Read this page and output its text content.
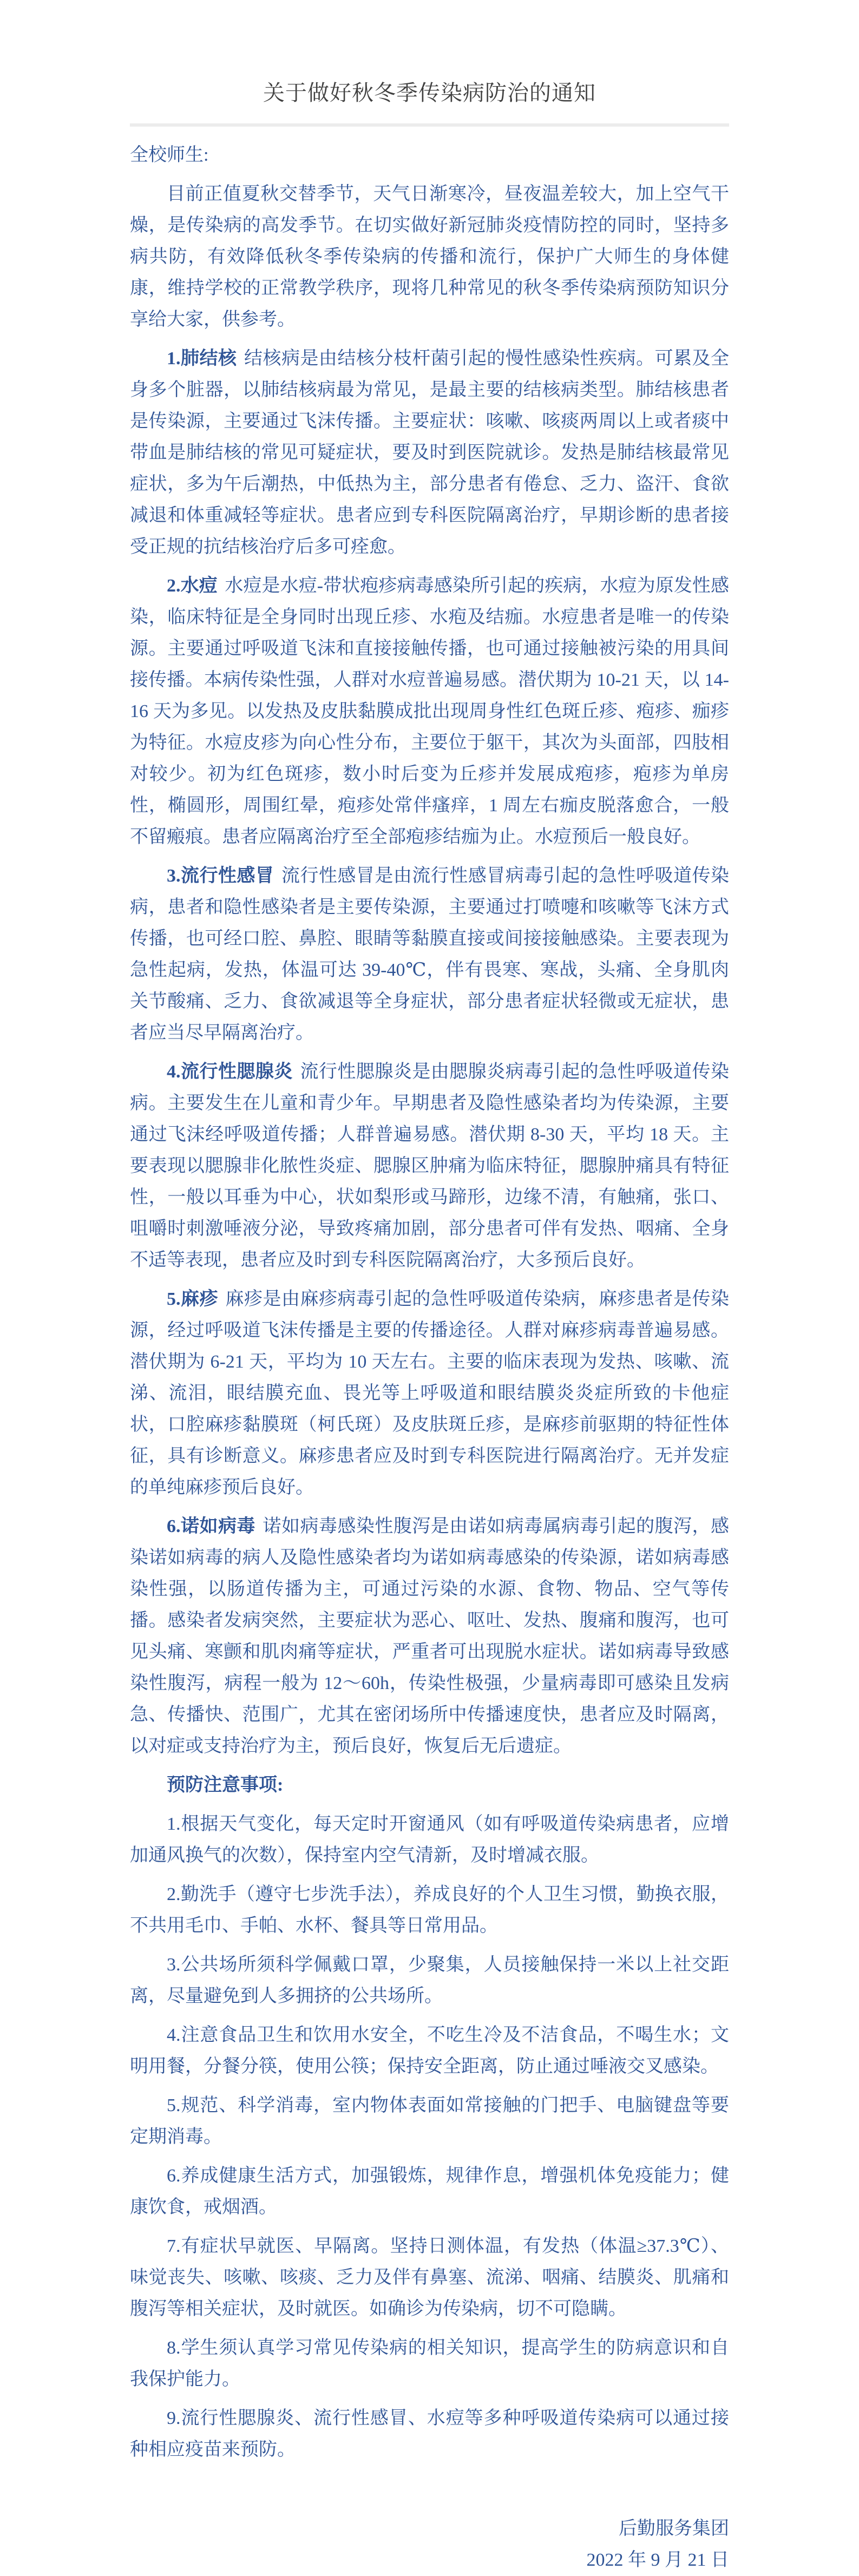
关于做好秋冬季传染病防治的通知

全校师生:

目前正值夏秋交替季节，天气日渐寒冷，昼夜温差较大，加上空气干燥，是传染病的高发季节。在切实做好新冠肺炎疫情防控的同时，坚持多病共防，有效降低秋冬季传染病的传播和流行，保护广大师生的身体健康，维持学校的正常教学秩序，现将几种常见的秋冬季传染病预防知识分享给大家，供参考。

1.肺结核 结核病是由结核分枝杆菌引起的慢性感染性疾病。可累及全身多个脏器，以肺结核病最为常见，是最主要的结核病类型。肺结核患者是传染源，主要通过飞沫传播。主要症状：咳嗽、咳痰两周以上或者痰中带血是肺结核的常见可疑症状，要及时到医院就诊。发热是肺结核最常见症状，多为午后潮热，中低热为主，部分患者有倦怠、乏力、盗汗、食欲减退和体重减轻等症状。患者应到专科医院隔离治疗，早期诊断的患者接受正规的抗结核治疗后多可痊愈。

2.水痘 水痘是水痘-带状疱疹病毒感染所引起的疾病，水痘为原发性感染，临床特征是全身同时出现丘疹、水疱及结痂。水痘患者是唯一的传染源。主要通过呼吸道飞沫和直接接触传播，也可通过接触被污染的用具间接传播。本病传染性强，人群对水痘普遍易感。潜伏期为 10-21 天，以 14-16 天为多见。以发热及皮肤黏膜成批出现周身性红色斑丘疹、疱疹、痂疹为特征。水痘皮疹为向心性分布，主要位于躯干，其次为头面部，四肢相对较少。初为红色斑疹，数小时后变为丘疹并发展成疱疹，疱疹为单房性，椭圆形，周围红晕，疱疹处常伴瘙痒，1 周左右痂皮脱落愈合，一般不留瘢痕。患者应隔离治疗至全部疱疹结痂为止。水痘预后一般良好。

3.流行性感冒 流行性感冒是由流行性感冒病毒引起的急性呼吸道传染病，患者和隐性感染者是主要传染源，主要通过打喷嚏和咳嗽等飞沫方式传播，也可经口腔、鼻腔、眼睛等黏膜直接或间接接触感染。主要表现为急性起病，发热，体温可达 39-40℃，伴有畏寒、寒战，头痛、全身肌肉关节酸痛、乏力、食欲减退等全身症状，部分患者症状轻微或无症状，患者应当尽早隔离治疗。

4.流行性腮腺炎 流行性腮腺炎是由腮腺炎病毒引起的急性呼吸道传染病。主要发生在儿童和青少年。早期患者及隐性感染者均为传染源，主要通过飞沫经呼吸道传播；人群普遍易感。潜伏期 8-30 天，平均 18 天。主要表现以腮腺非化脓性炎症、腮腺区肿痛为临床特征，腮腺肿痛具有特征性，一般以耳垂为中心，状如梨形或马蹄形，边缘不清，有触痛，张口、咀嚼时刺激唾液分泌，导致疼痛加剧，部分患者可伴有发热、咽痛、全身不适等表现，患者应及时到专科医院隔离治疗，大多预后良好。

5.麻疹 麻疹是由麻疹病毒引起的急性呼吸道传染病，麻疹患者是传染源，经过呼吸道飞沫传播是主要的传播途径。人群对麻疹病毒普遍易感。潜伏期为 6-21 天，平均为 10 天左右。主要的临床表现为发热、咳嗽、流涕、流泪，眼结膜充血、畏光等上呼吸道和眼结膜炎炎症所致的卡他症状，口腔麻疹黏膜斑（柯氏斑）及皮肤斑丘疹，是麻疹前驱期的特征性体征，具有诊断意义。麻疹患者应及时到专科医院进行隔离治疗。无并发症的单纯麻疹预后良好。

6.诺如病毒 诺如病毒感染性腹泻是由诺如病毒属病毒引起的腹泻，感染诺如病毒的病人及隐性感染者均为诺如病毒感染的传染源，诺如病毒感染性强，以肠道传播为主，可通过污染的水源、食物、物品、空气等传播。感染者发病突然，主要症状为恶心、呕吐、发热、腹痛和腹泻，也可见头痛、寒颤和肌肉痛等症状，严重者可出现脱水症状。诺如病毒导致感染性腹泻，病程一般为 12～60h，传染性极强，少量病毒即可感染且发病急、传播快、范围广，尤其在密闭场所中传播速度快，患者应及时隔离，以对症或支持治疗为主，预后良好，恢复后无后遗症。

预防注意事项:

1.根据天气变化，每天定时开窗通风（如有呼吸道传染病患者，应增加通风换气的次数），保持室内空气清新，及时增减衣服。

2.勤洗手（遵守七步洗手法），养成良好的个人卫生习惯，勤换衣服，不共用毛巾、手帕、水杯、餐具等日常用品。

3.公共场所须科学佩戴口罩，少聚集，人员接触保持一米以上社交距离，尽量避免到人多拥挤的公共场所。

4.注意食品卫生和饮用水安全，不吃生冷及不洁食品，不喝生水；文明用餐，分餐分筷，使用公筷；保持安全距离，防止通过唾液交叉感染。

5.规范、科学消毒，室内物体表面如常接触的门把手、电脑键盘等要定期消毒。

6.养成健康生活方式，加强锻炼，规律作息，增强机体免疫能力；健康饮食，戒烟酒。

7.有症状早就医、早隔离。坚持日测体温，有发热（体温≥37.3℃）、味觉丧失、咳嗽、咳痰、乏力及伴有鼻塞、流涕、咽痛、结膜炎、肌痛和腹泻等相关症状，及时就医。如确诊为传染病，切不可隐瞒。

8.学生须认真学习常见传染病的相关知识，提高学生的防病意识和自我保护能力。

9.流行性腮腺炎、流行性感冒、水痘等多种呼吸道传染病可以通过接种相应疫苗来预防。

后勤服务集团

2022 年 9 月 21 日
